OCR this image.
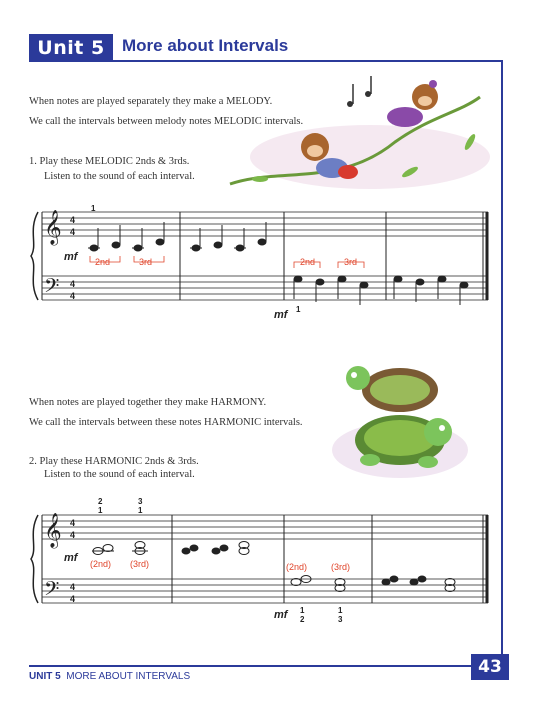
Unit 5 More about Intervals
When notes are played separately they make a MELODY.
We call the intervals between melody notes MELODIC intervals.
1. Play these MELODIC 2nds & 3rds.
Listen to the sound of each interval.
𝄞
𝄢
4
4
4
4
1
mf
mf 1
2nd	3rd	2nd	3rd
When notes are played together they make HARMONY.
We call the intervals between these notes HARMONIC intervals.
2. Play these HARMONIC 2nds & 3rds.
Listen to the sound of each interval.
𝄞
𝄢
4
4
4
4
2
1
3
1
1
2
1
3
mf
mf
(2nd) (3rd)	(2nd)	(3rd)
UNIT 5 MORE ABOUT INTERVALS	43
